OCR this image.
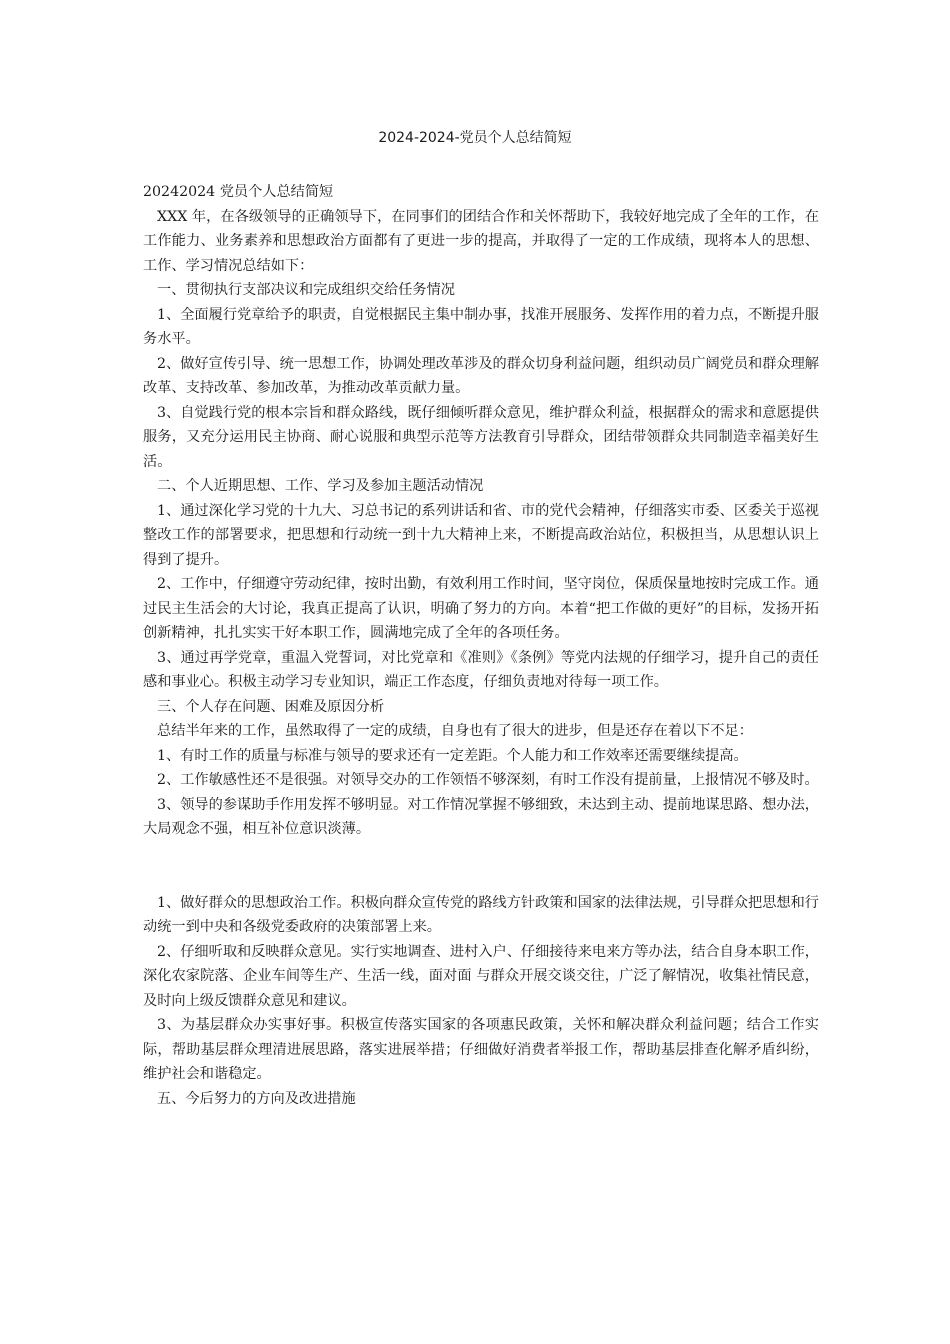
2024-2024-党员个人总结简短

20242024 党员个人总结简短

XXX 年，在各级领导的正确领导下，在同事们的团结合作和关怀帮助下，我较好地完成了全年的工作，在工作能力、业务素养和思想政治方面都有了更进一步的提高，并取得了一定的工作成绩，现将本人的思想、工作、学习情况总结如下：

一、贯彻执行支部决议和完成组织交给任务情况

1、全面履行党章给予的职责，自觉根据民主集中制办事，找准开展服务、发挥作用的着力点，不断提升服务水平。

2、做好宣传引导、统一思想工作，协调处理改革涉及的群众切身利益问题，组织动员广阔党员和群众理解改革、支持改革、参加改革，为推动改革贡献力量。

3、自觉践行党的根本宗旨和群众路线，既仔细倾听群众意见，维护群众利益，根据群众的需求和意愿提供服务，又充分运用民主协商、耐心说服和典型示范等方法教育引导群众，团结带领群众共同制造幸福美好生活。

二、个人近期思想、工作、学习及参加主题活动情况

1、通过深化学习党的十九大、习总书记的系列讲话和省、市的党代会精神，仔细落实市委、区委关于巡视整改工作的部署要求，把思想和行动统一到十九大精神上来，不断提高政治站位，积极担当，从思想认识上得到了提升。

2、工作中，仔细遵守劳动纪律，按时出勤，有效利用工作时间，坚守岗位，保质保量地按时完成工作。通过民主生活会的大讨论，我真正提高了认识，明确了努力的方向。本着“把工作做的更好”的目标，发扬开拓创新精神，扎扎实实干好本职工作，圆满地完成了全年的各项任务。

3、通过再学党章，重温入党誓词，对比党章和《准则》《条例》等党内法规的仔细学习，提升自己的责任感和事业心。积极主动学习专业知识，端正工作态度，仔细负责地对待每一项工作。

三、个人存在问题、困难及原因分析

总结半年来的工作，虽然取得了一定的成绩，自身也有了很大的进步，但是还存在着以下不足：

1、有时工作的质量与标准与领导的要求还有一定差距。个人能力和工作效率还需要继续提高。

2、工作敏感性还不是很强。对领导交办的工作领悟不够深刻，有时工作没有提前量，上报情况不够及时。

3、领导的参谋助手作用发挥不够明显。对工作情况掌握不够细致，未达到主动、提前地谋思路、想办法，大局观念不强，相互补位意识淡薄。

1、做好群众的思想政治工作。积极向群众宣传党的路线方针政策和国家的法律法规，引导群众把思想和行动统一到中央和各级党委政府的决策部署上来。

2、仔细听取和反映群众意见。实行实地调查、进村入户、仔细接待来电来方等办法，结合自身本职工作，深化农家院落、企业车间等生产、生活一线，面对面 与群众开展交谈交往，广泛了解情况，收集社情民意，及时向上级反馈群众意见和建议。

3、为基层群众办实事好事。积极宣传落实国家的各项惠民政策，关怀和解决群众利益问题；结合工作实际，帮助基层群众理清进展思路，落实进展举措；仔细做好消费者举报工作，帮助基层排查化解矛盾纠纷，维护社会和谐稳定。

五、今后努力的方向及改进措施
